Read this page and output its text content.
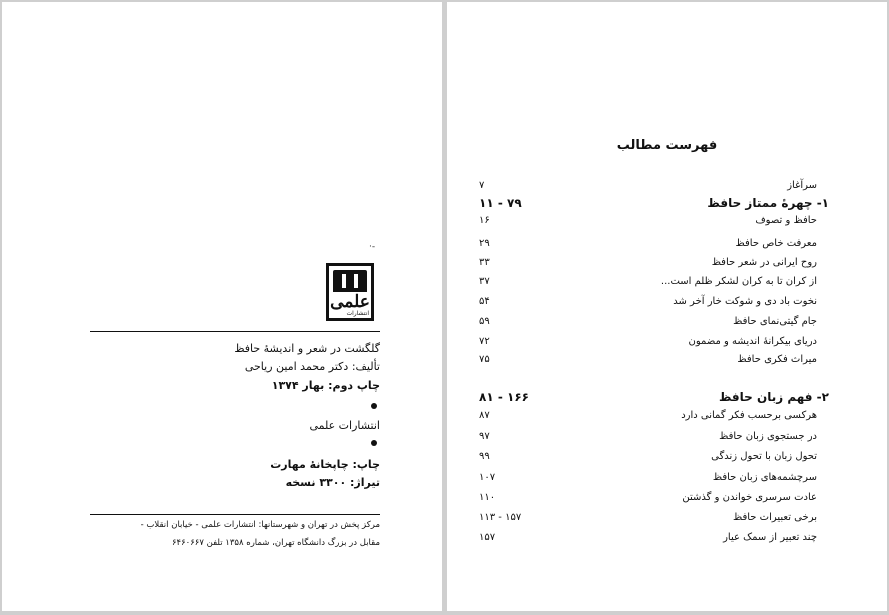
·‐
علمی
انتشارات
گلگشت در شعر و اندیشهٔ حافظ
تألیف: دکتر محمد امین ریاحی
چاپ دوم: بهار ۱۳۷۴
انتشارات علمی
چاپ: چاپخانهٔ مهارت
تیراژ: ۳۳۰۰ نسخه
مرکز پخش در تهران و شهرستانها: انتشارات علمی - خیابان انقلاب -
مقابل در بزرگ دانشگاه تهران، شماره ۱۳۵۸ تلفن ۶۴۶۰۶۶۷
فهرست مطالب
سرآغاز
۷
۱- چهرهٔ ممتاز حافظ
۷۹ - ۱۱
حافظ و تصوف
۱۶
معرفت خاص حافظ
۲۹
روح ایرانی در شعر حافظ
۳۳
از کران تا به کران لشکر ظلم است...
۳۷
نخوت باد دی و شوکت خار آخر شد
۵۴
جام گیتی‌نمای حافظ
۵۹
دریای بیکرانهٔ اندیشه و مضمون
۷۲
میراث فکری حافظ
۷۵
۲- فهم زبان حافظ
۱۶۶ - ۸۱
هرکسی برحسب فکر گمانی دارد
۸۷
در جستجوی زبان حافظ
۹۷
تحول زبان با تحول زندگی
۹۹
سرچشمه‌های زبان حافظ
۱۰۷
عادت سرسری خواندن و گذشتن
۱۱۰
برخی تعبیرات حافظ
۱۵۷ - ۱۱۳
چند تعبیر از سمک عیار
۱۵۷
